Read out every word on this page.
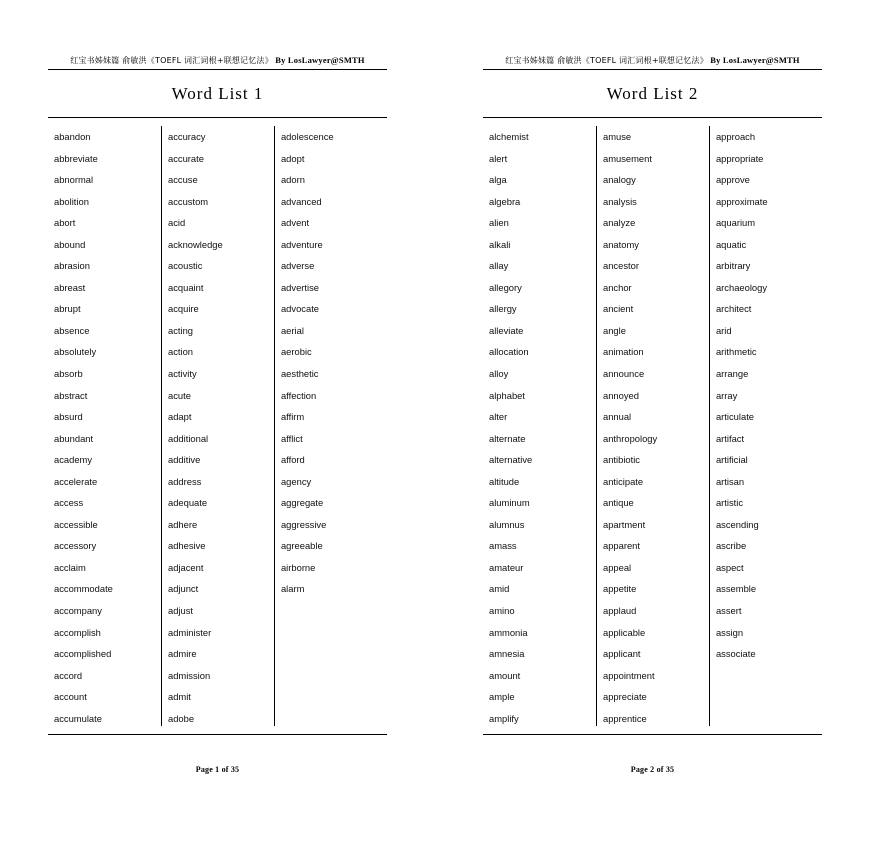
红宝书姊妹篇 俞敏洪《TOEFL 词汇词根+联想记忆法》 By LosLawyer@SMTH
Word List 1
abandon
abbreviate
abnormal
abolition
abort
abound
abrasion
abreast
abrupt
absence
absolutely
absorb
abstract
absurd
abundant
academy
accelerate
access
accessible
accessory
acclaim
accommodate
accompany
accomplish
accomplished
accord
account
accumulate
accuracy
accurate
accuse
accustom
acid
acknowledge
acoustic
acquaint
acquire
acting
action
activity
acute
adapt
additional
additive
address
adequate
adhere
adhesive
adjacent
adjunct
adjust
administer
admire
admission
admit
adobe
adolescence
adopt
adorn
advanced
advent
adventure
adverse
advertise
advocate
aerial
aerobic
aesthetic
affection
affirm
afflict
afford
agency
aggregate
aggressive
agreeable
airborne
alarm
Page 1 of 35
红宝书姊妹篇 俞敏洪《TOEFL 词汇词根+联想记忆法》 By LosLawyer@SMTH
Word List 2
alchemist
alert
alga
algebra
alien
alkali
allay
allegory
allergy
alleviate
allocation
alloy
alphabet
alter
alternate
alternative
altitude
aluminum
alumnus
amass
amateur
amid
amino
ammonia
amnesia
amount
ample
amplify
amuse
amusement
analogy
analysis
analyze
anatomy
ancestor
anchor
ancient
angle
animation
announce
annoyed
annual
anthropology
antibiotic
anticipate
antique
apartment
apparent
appeal
appetite
applaud
applicable
applicant
appointment
appreciate
apprentice
approach
appropriate
approve
approximate
aquarium
aquatic
arbitrary
archaeology
architect
arid
arithmetic
arrange
array
articulate
artifact
artificial
artisan
artistic
ascending
ascribe
aspect
assemble
assert
assign
associate
Page 2 of 35
